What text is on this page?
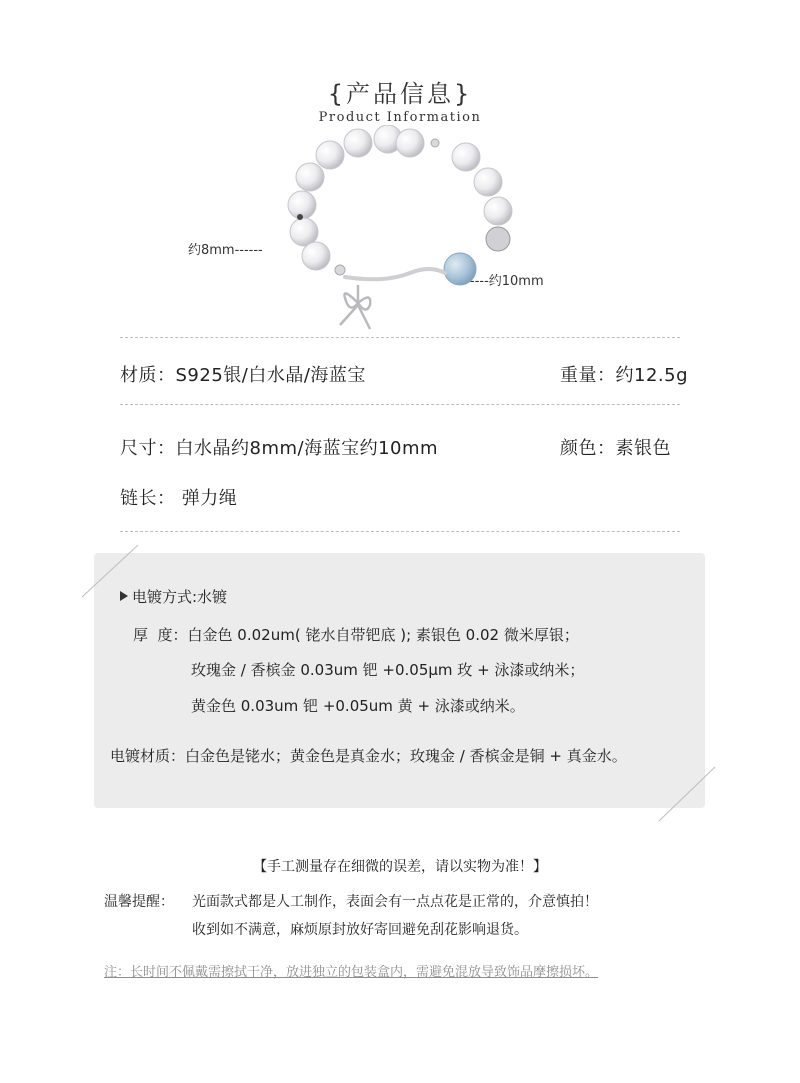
{产品信息}
Product Information
约8mm------
----约10mm
材质：S925银/白水晶/海蓝宝	重量：约12.5g
尺寸：白水晶约8mm/海蓝宝约10mm	颜色：素银色
链长： 弹力绳
电镀方式:水镀
厚  度：白金色 0.02um( 铑水自带钯底 ); 素银色 0.02 微米厚银；
玫瑰金 / 香槟金 0.03um 钯 +0.05μm 玫 + 泳漆或纳米；
黄金色 0.03um 钯 +0.05um 黄 + 泳漆或纳米。
电镀材质：白金色是铑水；黄金色是真金水；玫瑰金 / 香槟金是铜 + 真金水。
【手工测量存在细微的误差，请以实物为准！】
温馨提醒： 光面款式都是人工制作，表面会有一点点花是正常的，介意慎拍！
收到如不满意，麻烦原封放好寄回避免刮花影响退货。
注：长时间不佩戴需擦拭干净，放进独立的包装盒内，需避免混放导致饰品摩擦损坏。
